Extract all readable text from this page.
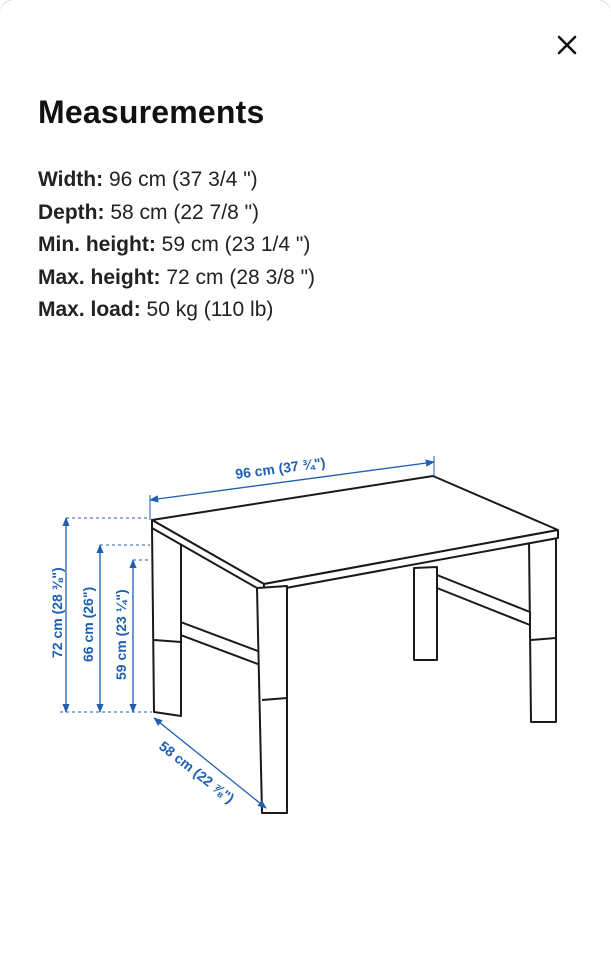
Measurements
Width: 96 cm (37 3/4 ")
Depth: 58 cm (22 7/8 ")
Min. height: 59 cm (23 1/4 ")
Max. height: 72 cm (28 3/8 ")
Max. load: 50 kg (110 lb)
96 cm (37 ¾")
72 cm (28 ⅜") 66 cm (26") 59 cm (23 ¼")
58 cm (22 ⅞")
